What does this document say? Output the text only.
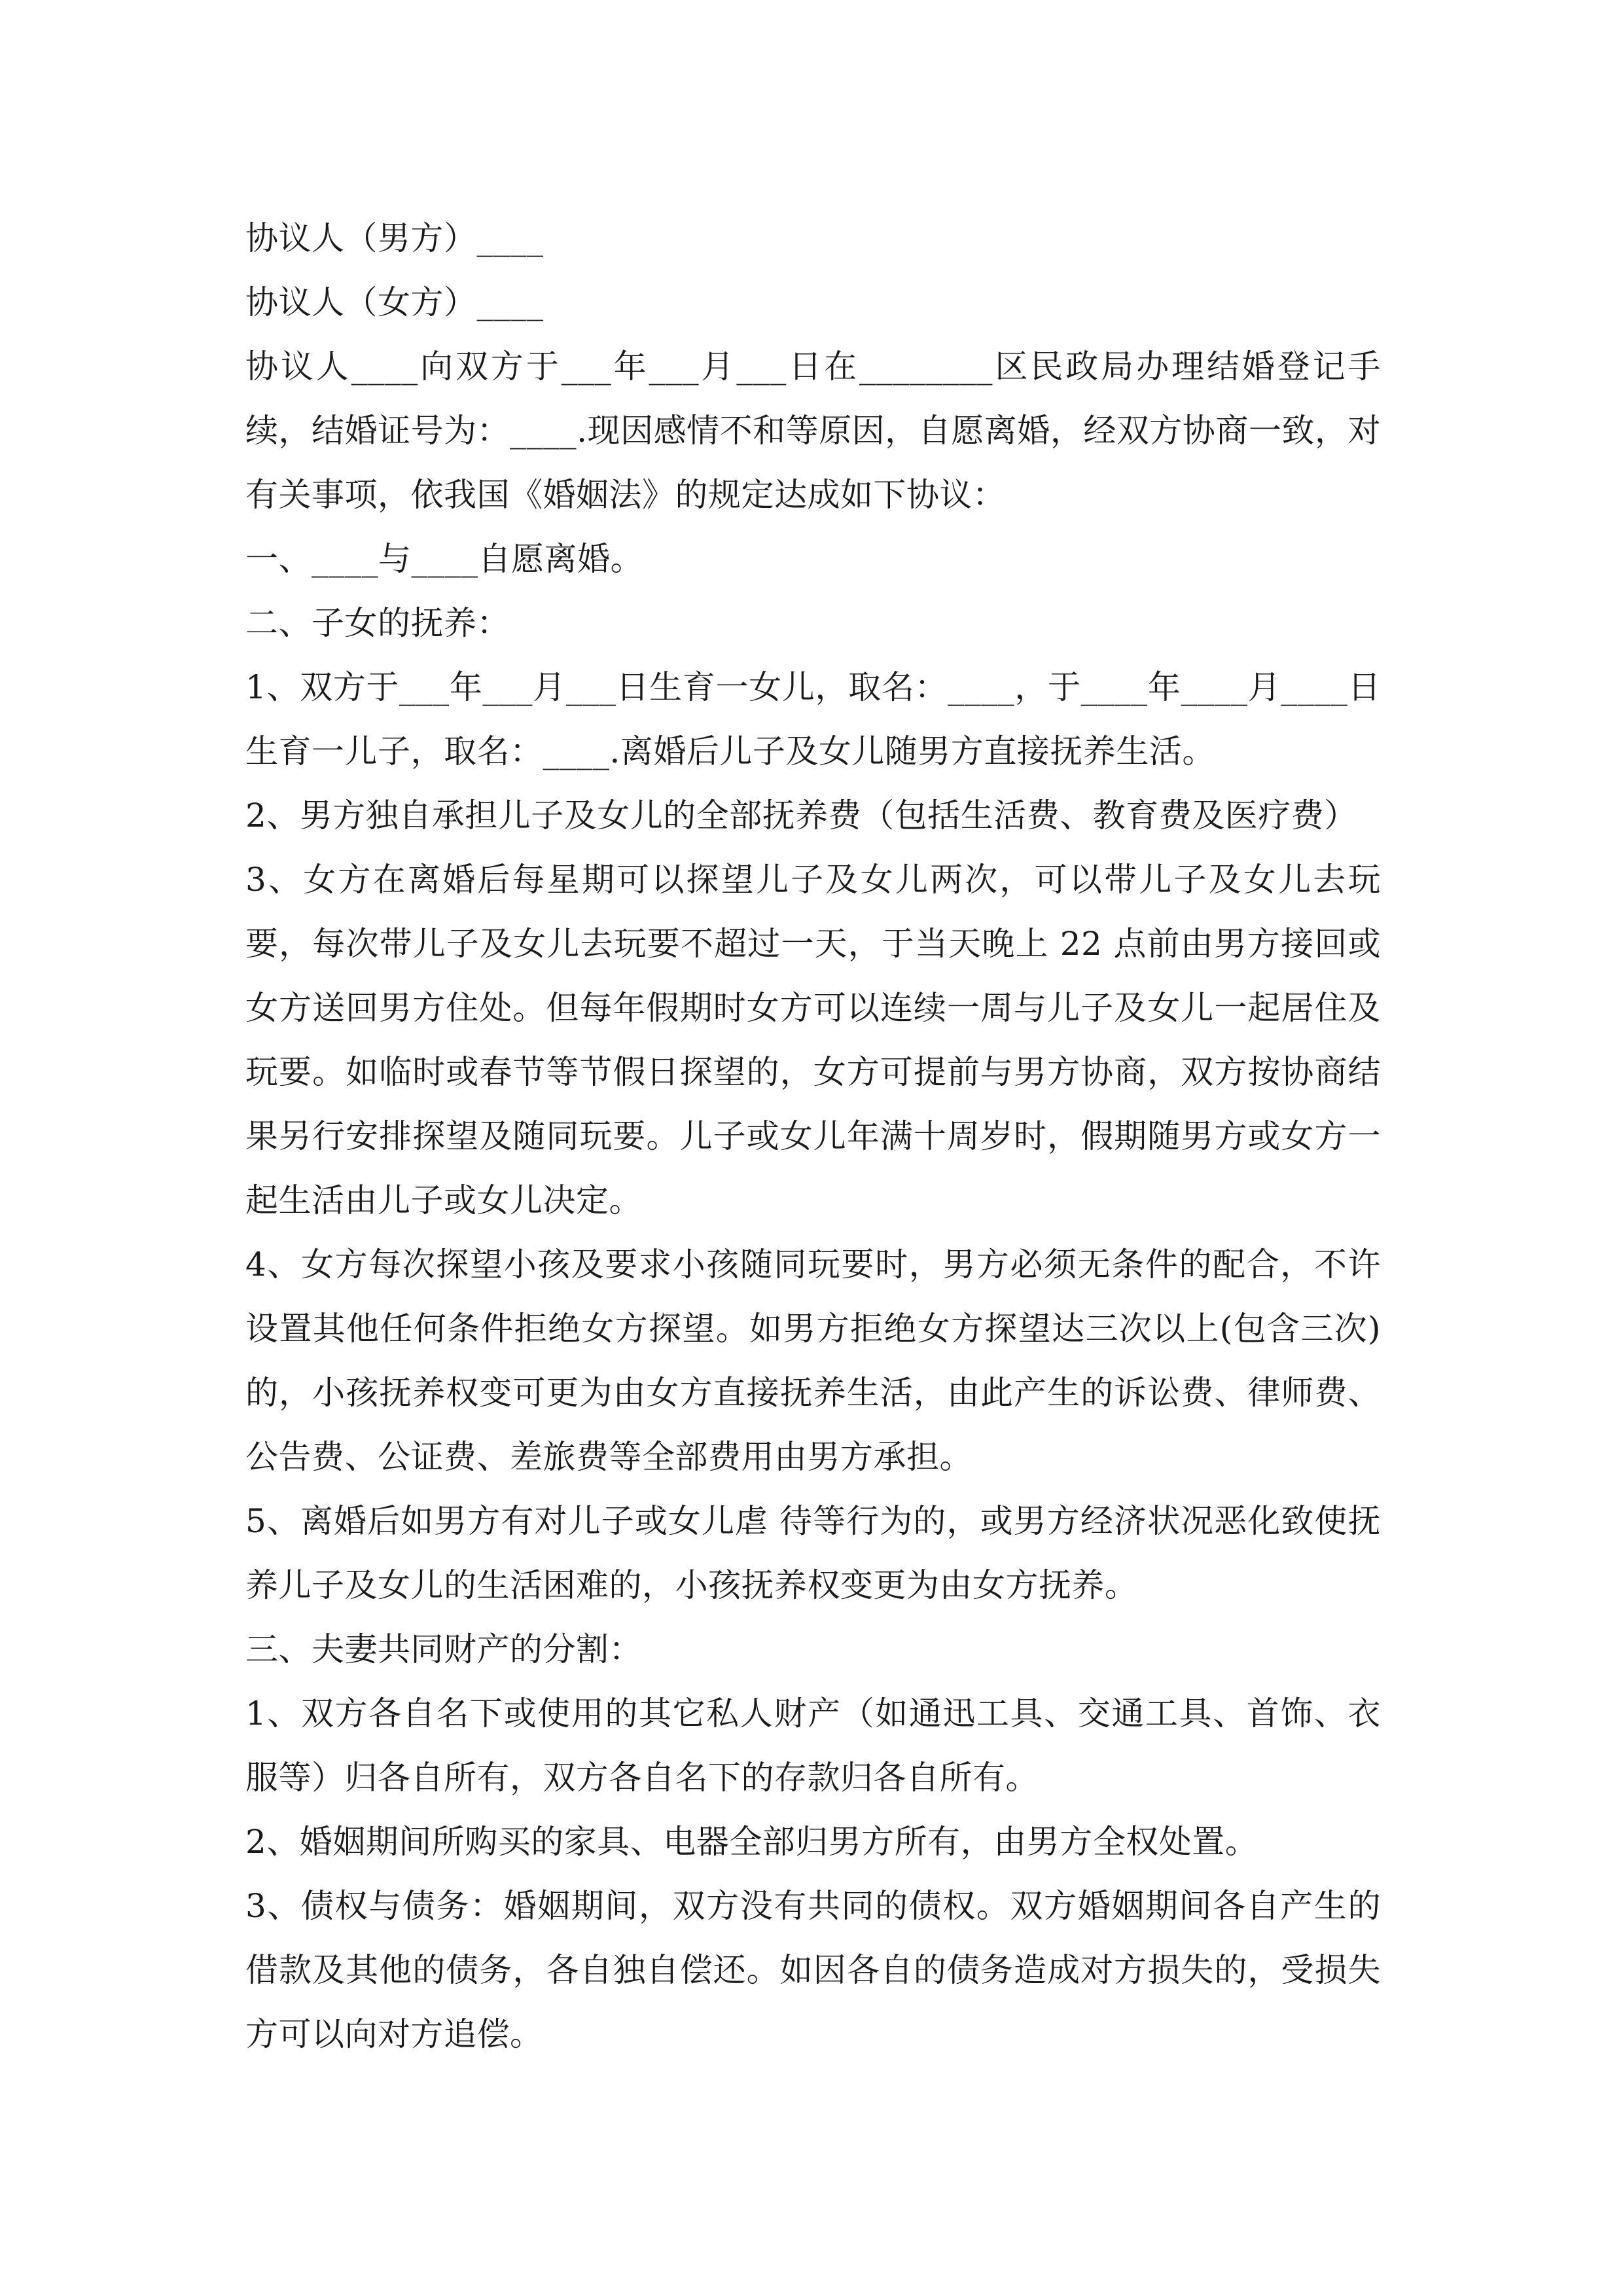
协议人（男方）____

协议人（女方）____

协议人____向双方于___年___月___日在________区民政局办理结婚登记手续，结婚证号为：____.现因感情不和等原因，自愿离婚，经双方协商一致，对有关事项，依我国《婚姻法》的规定达成如下协议：

一、____与____自愿离婚。

二、子女的抚养：

1、双方于___年___月___日生育一女儿，取名：____，于____年____月____日生育一儿子，取名：____.离婚后儿子及女儿随男方直接抚养生活。

2、男方独自承担儿子及女儿的全部抚养费（包括生活费、教育费及医疗费）

3、女方在离婚后每星期可以探望儿子及女儿两次，可以带儿子及女儿去玩要，每次带儿子及女儿去玩要不超过一天，于当天晚上 22 点前由男方接回或女方送回男方住处。但每年假期时女方可以连续一周与儿子及女儿一起居住及玩要。如临时或春节等节假日探望的，女方可提前与男方协商，双方按协商结果另行安排探望及随同玩要。儿子或女儿年满十周岁时，假期随男方或女方一起生活由儿子或女儿决定。

4、女方每次探望小孩及要求小孩随同玩要时，男方必须无条件的配合，不许设置其他任何条件拒绝女方探望。如男方拒绝女方探望达三次以上(包含三次)的，小孩抚养权变可更为由女方直接抚养生活，由此产生的诉讼费、律师费、公告费、公证费、差旅费等全部费用由男方承担。

5、离婚后如男方有对儿子或女儿虐 待等行为的，或男方经济状况恶化致使抚养儿子及女儿的生活困难的，小孩抚养权变更为由女方抚养。

三、夫妻共同财产的分割：

1、双方各自名下或使用的其它私人财产（如通迅工具、交通工具、首饰、衣服等）归各自所有，双方各自名下的存款归各自所有。

2、婚姻期间所购买的家具、电器全部归男方所有，由男方全权处置。

3、债权与债务：婚姻期间，双方没有共同的债权。双方婚姻期间各自产生的借款及其他的债务，各自独自偿还。如因各自的债务造成对方损失的，受损失方可以向对方追偿。
